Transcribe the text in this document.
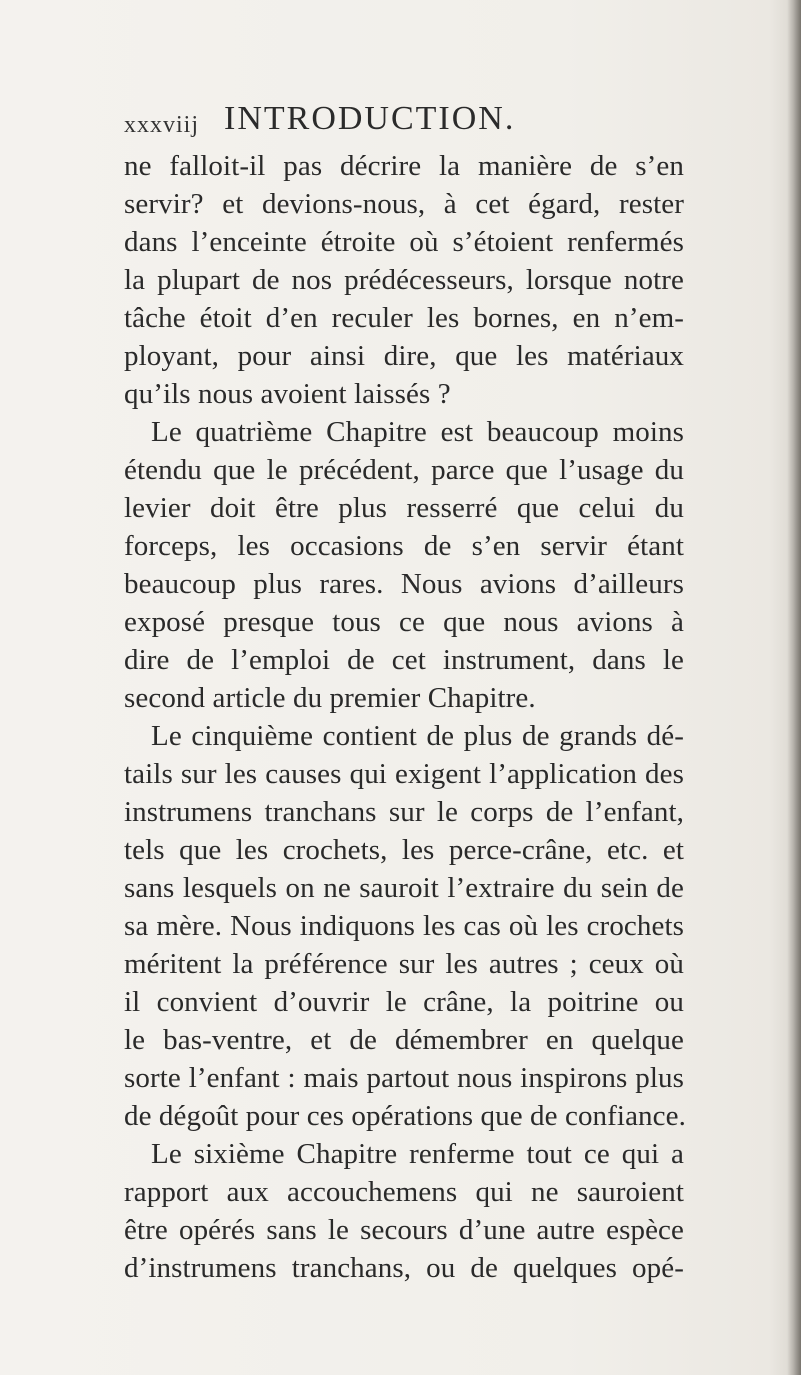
xxxviij INTRODUCTION.
ne falloit-il pas décrire la manière de s’en
servir? et devions-nous, à cet égard, rester
dans l’enceinte étroite où s’étoient renfermés
la plupart de nos prédécesseurs, lorsque notre
tâche étoit d’en reculer les bornes, en n’em-
ployant, pour ainsi dire, que les matériaux
qu’ils nous avoient laissés ?
Le quatrième Chapitre est beaucoup moins
étendu que le précédent, parce que l’usage du
levier doit être plus resserré que celui du
forceps, les occasions de s’en servir étant
beaucoup plus rares. Nous avions d’ailleurs
exposé presque tous ce que nous avions à
dire de l’emploi de cet instrument, dans le
second article du premier Chapitre.
Le cinquième contient de plus de grands dé-
tails sur les causes qui exigent l’application des
instrumens tranchans sur le corps de l’enfant,
tels que les crochets, les perce-crâne, etc. et
sans lesquels on ne sauroit l’extraire du sein de
sa mère. Nous indiquons les cas où les crochets
méritent la préférence sur les autres ; ceux où
il convient d’ouvrir le crâne, la poitrine ou
le bas-ventre, et de démembrer en quelque
sorte l’enfant : mais partout nous inspirons plus
de dégoût pour ces opérations que de confiance.
Le sixième Chapitre renferme tout ce qui a
rapport aux accouchemens qui ne sauroient
être opérés sans le secours d’une autre espèce
d’instrumens tranchans, ou de quelques opé-
